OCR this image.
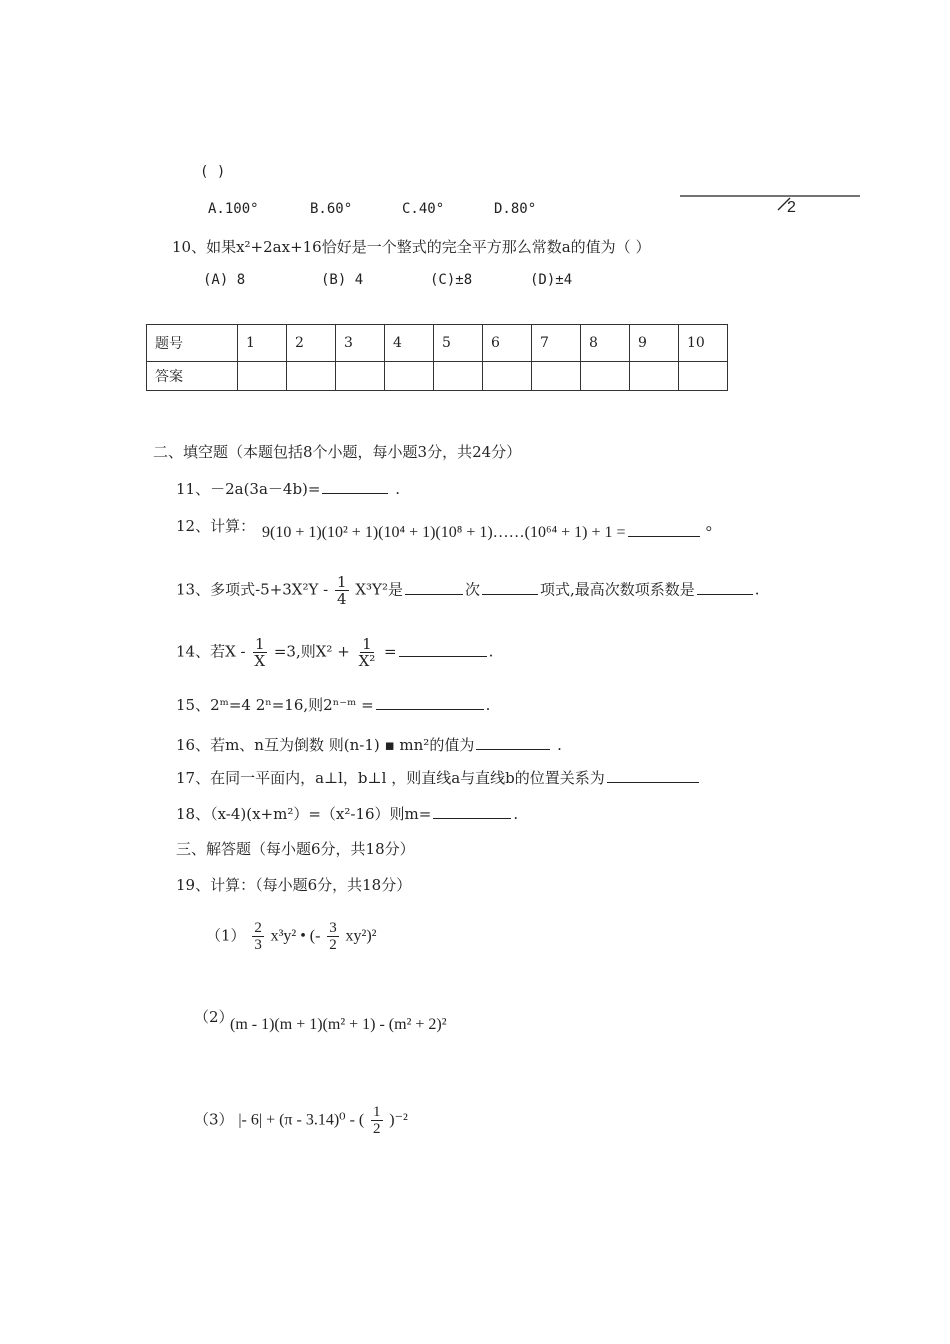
( )
A.100°	B.60°	C.40°	D.80°	2
10、如果x²+2ax+16恰好是一个整式的完全平方那么常数a的值为（ ）
(A) 8	(B) 4	(C)±8	(D)±4
题号	1	2	3	4	5	6	7	8	9	10
答案										
二、填空题（本题包括8个小题，每小题3分，共24分）
11、－2a(3a－4b)=	.
12、计算： 9(10 + 1)(10² + 1)(10⁴ + 1)(10⁸ + 1)……(10⁶⁴ + 1) + 1 =	°
13、多项式$-5+3X^2Y - \frac{1}{4} X^3Y^2$是	次	项式,最高次数项系数是	.
14、若$X - \frac{1}{X} =3$,则$X^2 + \frac{1}{\text{X²}}$ =	.
15、2ᵐ=4 2ⁿ=16,则2ⁿ⁻ᵐ =	.
16、若m、n互为倒数 则(n-1) ▪ mn²的值为	.
17、在同一平面内，a⊥l，b⊥l ，则直线a与直线b的位置关系为
18、（x-4)(x+m²）=（x²-16）则m=	.
三、解答题（每小题6分，共18分）
19、计算：（每小题6分，共18分）
$(1) \frac{2}{3} x^3y^2$ • (- $\frac{3}{2} xy^2)^2$
（2）
(m - 1)(m + 1)(m² + 1) - (m² + 2)²
（3） |- 6| + (π - 3.14)⁰ - ( $\frac{1}{2} )^{-2}$
